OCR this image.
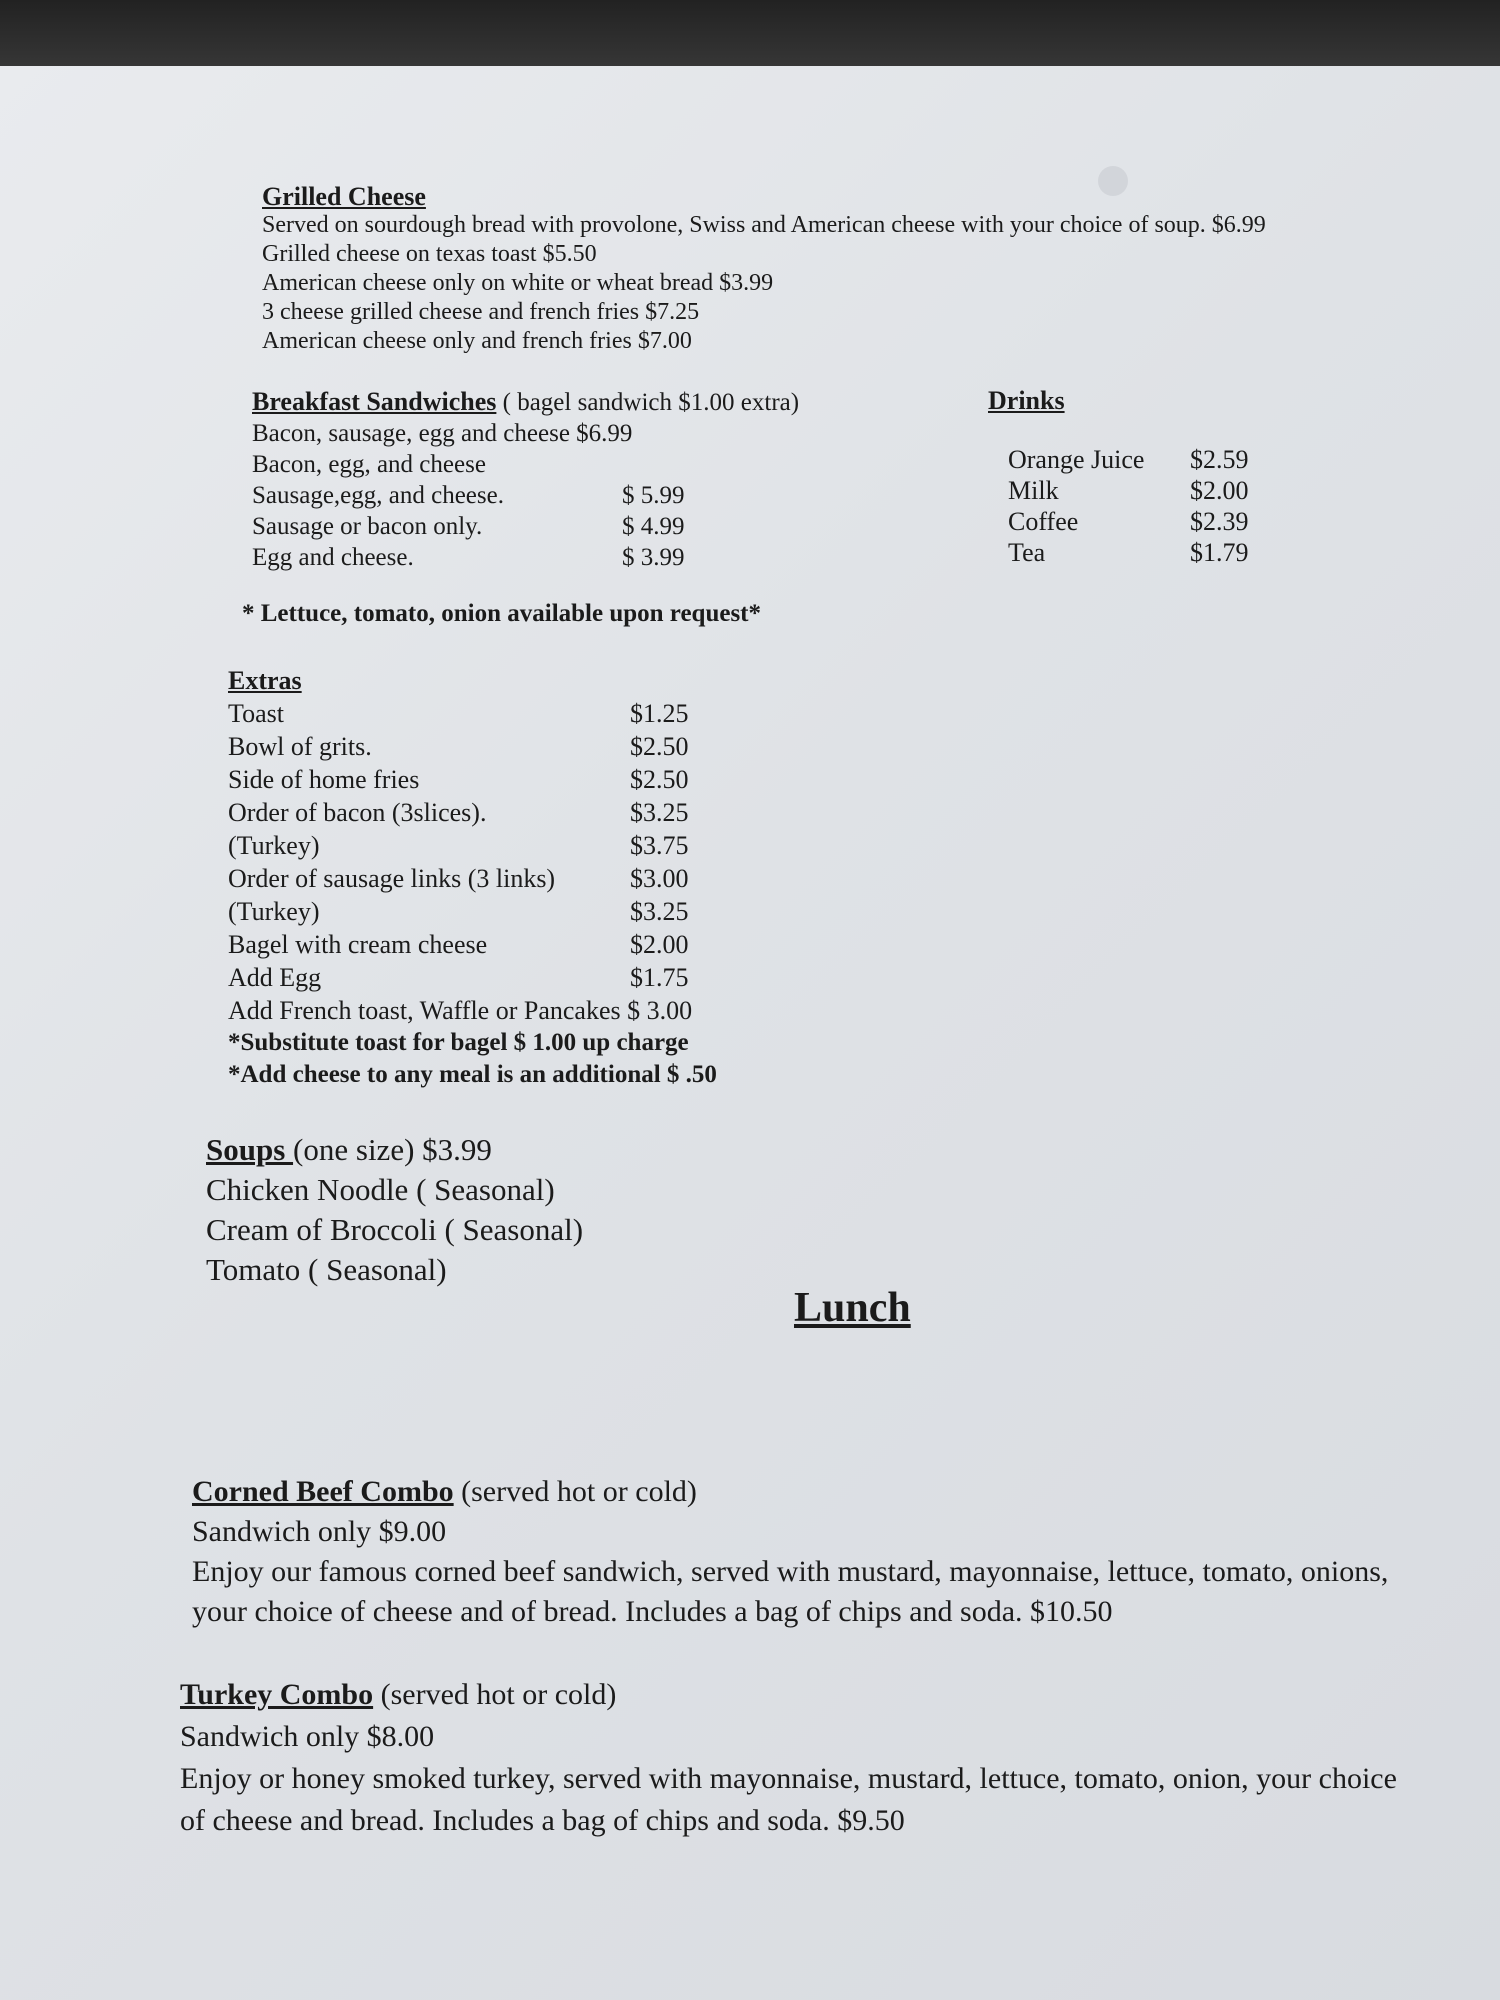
Grilled Cheese
Served on sourdough bread with provolone, Swiss and American cheese with your choice of soup. $6.99
Grilled cheese on texas toast $5.50
American cheese only on white or wheat bread $3.99
3 cheese grilled cheese and french fries $7.25
American cheese only and french fries $7.00
Breakfast Sandwiches ( bagel sandwich $1.00 extra)
Bacon, sausage, egg and cheese $6.99
Bacon, egg, and cheese
Sausage,egg, and cheese.	$ 5.99
Sausage or bacon only.	$ 4.99
Egg and cheese.	$ 3.99
Drinks
Orange Juice	$2.59
Milk	$2.00
Coffee	$2.39
Tea	$1.79
* Lettuce, tomato, onion available upon request*
Extras
Toast	$1.25
Bowl of grits.	$2.50
Side of home fries	$2.50
Order of bacon (3slices).	$3.25
(Turkey)	$3.75
Order of sausage links (3 links)	$3.00
(Turkey)	$3.25
Bagel with cream cheese	$2.00
Add Egg	$1.75
Add French toast, Waffle or Pancakes $ 3.00
*Substitute toast for bagel $ 1.00 up charge
*Add cheese to any meal is an additional $ .50
Soups (one size) $3.99
Chicken Noodle ( Seasonal)
Cream of Broccoli ( Seasonal)
Tomato ( Seasonal)
Lunch
Corned Beef Combo (served hot or cold)
Sandwich only $9.00
Enjoy our famous corned beef sandwich, served with mustard, mayonnaise, lettuce, tomato, onions,
your choice of cheese and of bread. Includes a bag of chips and soda. $10.50
Turkey Combo (served hot or cold)
Sandwich only $8.00
Enjoy or honey smoked turkey, served with mayonnaise, mustard, lettuce, tomato, onion, your choice
of cheese and bread. Includes a bag of chips and soda. $9.50
